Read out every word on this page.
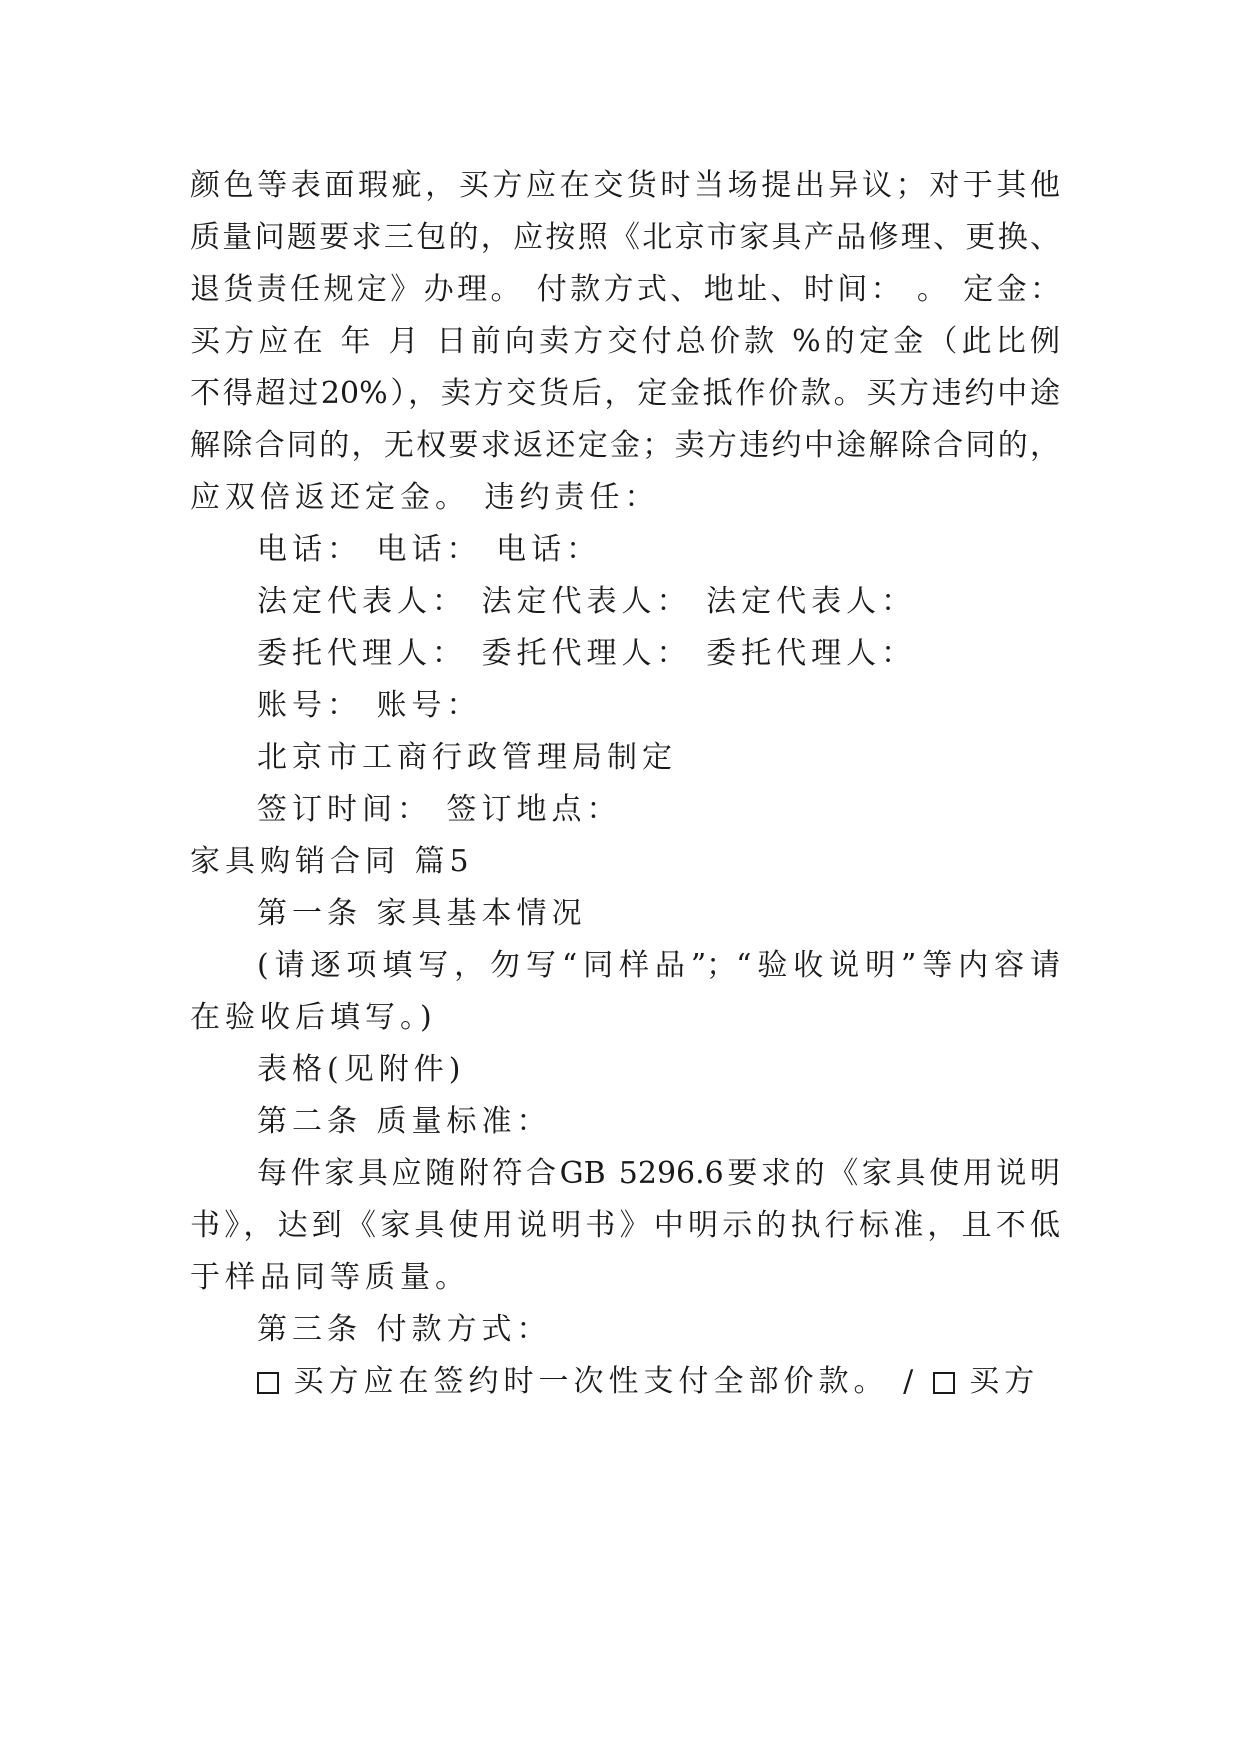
颜色等表面瑕疵，买方应在交货时当场提出异议；对于其他
质量问题要求三包的，应按照《北京市家具产品修理、更换、
退货责任规定》办理。 付款方式、地址、时间： 。 定金：
买方应在 年 月 日前向卖方交付总价款 %的定金（此比例
不得超过20%），卖方交货后，定金抵作价款。买方违约中途
解除合同的，无权要求返还定金；卖方违约中途解除合同的，
应双倍返还定金。 违约责任：
电话： 电话： 电话：
法定代表人： 法定代表人： 法定代表人：
委托代理人： 委托代理人： 委托代理人：
账号： 账号：
北京市工商行政管理局制定
签订时间： 签订地点：
家具购销合同 篇5
第一条 家具基本情况
(请逐项填写，勿写“同样品”；“验收说明”等内容请
在验收后填写。)
表格(见附件)
第二条 质量标准：
每件家具应随附符合GB 5296.6要求的《家具使用说明
书》，达到《家具使用说明书》中明示的执行标准，且不低
于样品同等质量。
第三条 付款方式：
买方应在签约时一次性支付全部价款。 /  买方
